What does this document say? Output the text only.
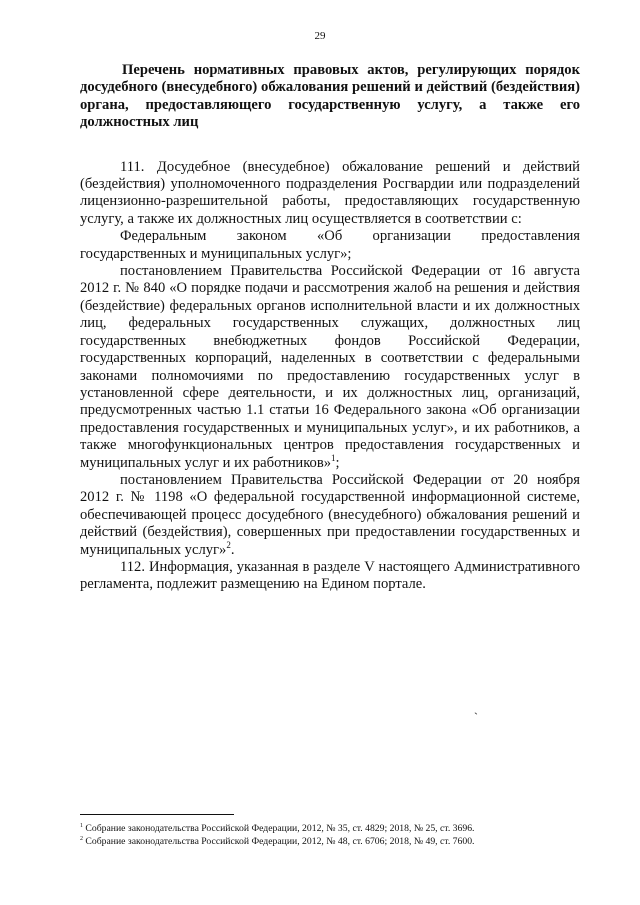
29

Перечень нормативных правовых актов, регулирующих порядок досудебного (внесудебного) обжалования решений и действий (бездействия) органа, предоставляющего государственную услугу, а также его должностных лиц

111. Досудебное (внесудебное) обжалование решений и действий (бездействия) уполномоченного подразделения Росгвардии или подразделений лицензионно-разрешительной работы, предоставляющих государственную услугу, а также их должностных лиц осуществляется в соответствии с:

Федеральным законом «Об организации предоставления государственных и муниципальных услуг»;

постановлением Правительства Российской Федерации от 16 августа 2012 г. № 840 «О порядке подачи и рассмотрения жалоб на решения и действия (бездействие) федеральных органов исполнительной власти и их должностных лиц, федеральных государственных служащих, должностных лиц государственных внебюджетных фондов Российской Федерации, государственных корпораций, наделенных в соответствии с федеральными законами полномочиями по предоставлению государственных услуг в установленной сфере деятельности, и их должностных лиц, организаций, предусмотренных частью 1.1 статьи 16 Федерального закона «Об организации предоставления государственных и муниципальных услуг», и их работников, а также многофункциональных центров предоставления государственных и муниципальных услуг и их работников»$^1$;

постановлением Правительства Российской Федерации от 20 ноября 2012 г. № 1198 «О федеральной государственной информационной системе, обеспечивающей процесс досудебного (внесудебного) обжалования решений и действий (бездействия), совершенных при предоставлении государственных и муниципальных услуг»$^2$.

112. Информация, указанная в разделе V настоящего Административного регламента, подлежит размещению на Едином портале.

`

$^1$ Собрание законодательства Российской Федерации, 2012, № 35, ст. 4829; 2018, № 25, ст. 3696.

$^2$ Собрание законодательства Российской Федерации, 2012, № 48, ст. 6706; 2018, № 49, ст. 7600.
